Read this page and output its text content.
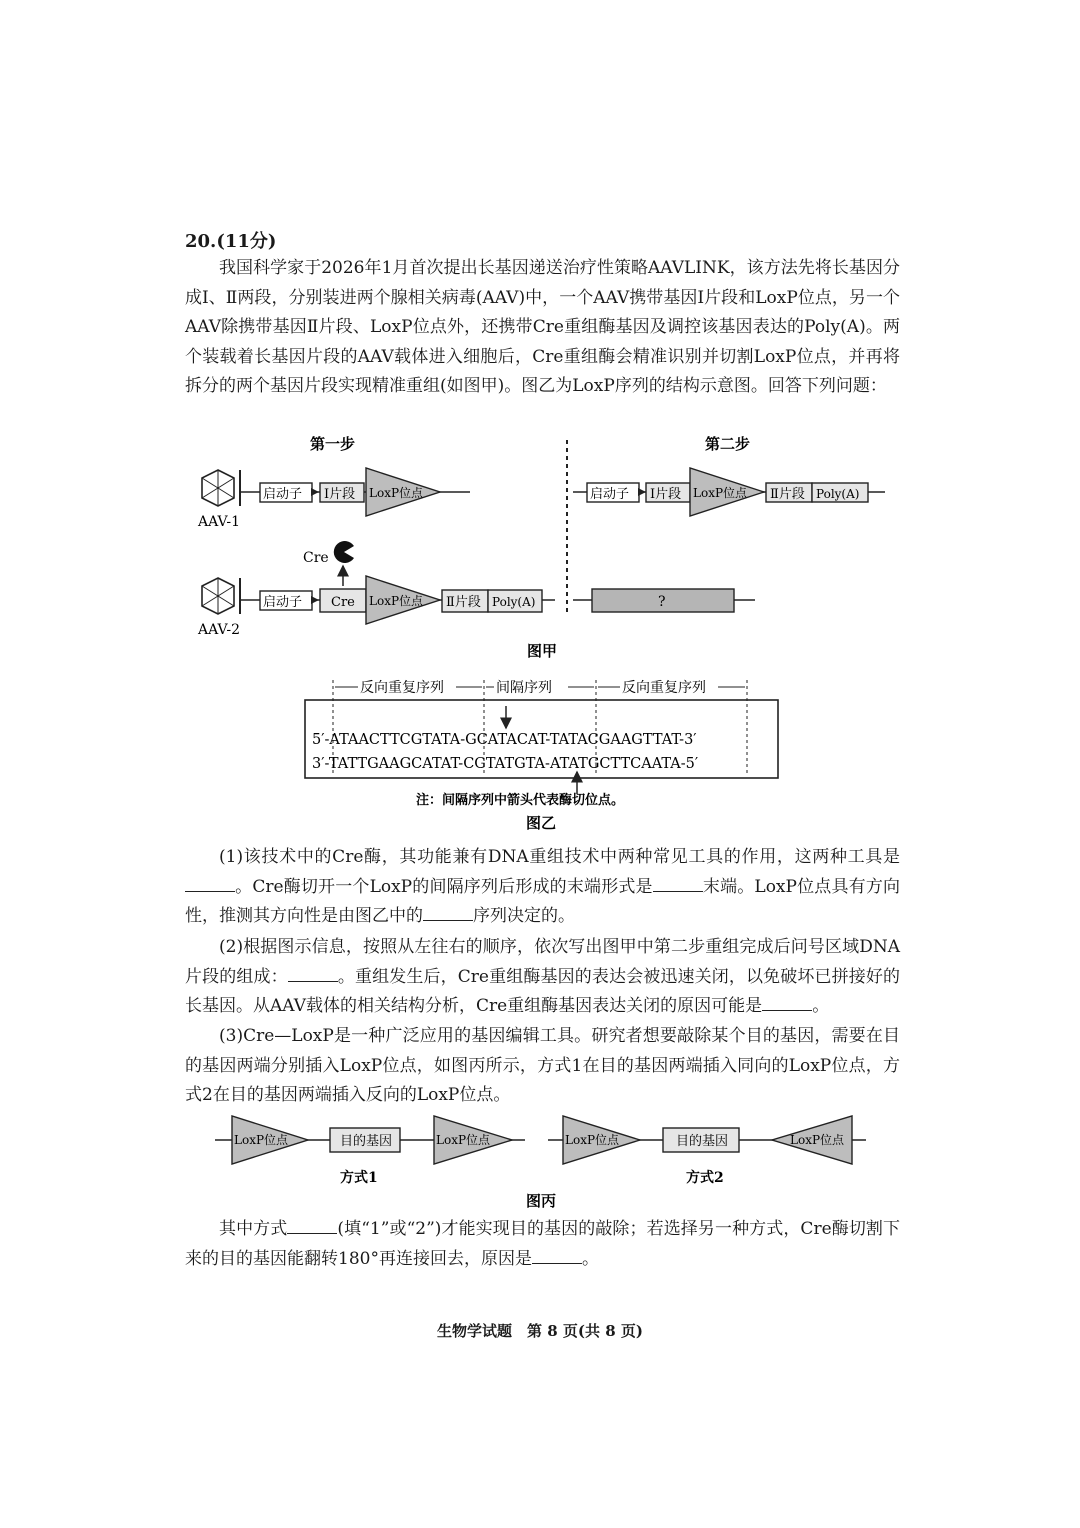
20.(11分)

我国科学家于2026年1月首次提出长基因递送治疗性策略AAVLINK，该方法先将长基因分成Ⅰ、Ⅱ两段，分别装进两个腺相关病毒(AAV)中，一个AAV携带基因Ⅰ片段和LoxP位点，另一个AAV除携带基因Ⅱ片段、LoxP位点外，还携带Cre重组酶基因及调控该基因表达的Poly(A)。两个装载着长基因片段的AAV载体进入细胞后，Cre重组酶会精准识别并切割LoxP位点，并再将拆分的两个基因片段实现精准重组(如图甲)。图乙为LoxP序列的结构示意图。回答下列问题：

第一步	第二步
AAV-1
启动子 Ⅰ片段 LoxP位点
Cre
AAV-2
启动子 Cre LoxP位点 Ⅱ片段 Poly(A)
启动子 Ⅰ片段 LoxP位点 Ⅱ片段 Poly(A)
?
图甲
反向重复序列	间隔序列	反向重复序列
5′-ATAACTTCGTATA-GCATACAT-TATACGAAGTTAT-3′
3′-TATTGAAGCATAT-CGTATGTA-ATATGCTTCAATA-5′
注：间隔序列中箭头代表酶切位点。
图乙

(1)该技术中的Cre酶，其功能兼有DNA重组技术中两种常见工具的作用，这两种工具是。Cre酶切开一个LoxP的间隔序列后形成的末端形式是	末端。LoxP位点具有方向性，推测其方向性是由图乙中的	序列决定的。

(2)根据图示信息，按照从左往右的顺序，依次写出图甲中第二步重组完成后问号区域DNA片段的组成：	。重组发生后，Cre重组酶基因的表达会被迅速关闭，以免破坏已拼接好的长基因。从AAV载体的相关结构分析，Cre重组酶基因表达关闭的原因可能是	。

(3)Cre—LoxP是一种广泛应用的基因编辑工具。研究者想要敲除某个目的基因，需要在目的基因两端分别插入LoxP位点，如图丙所示，方式1在目的基因两端插入同向的LoxP位点，方式2在目的基因两端插入反向的LoxP位点。

LoxP位点	目的基因	LoxP位点
方式1
LoxP位点	目的基因	LoxP位点
方式2
图丙

其中方式	(填“1”或“2”)才能实现目的基因的敲除；若选择另一种方式，Cre酶切割下来的目的基因能翻转180°再连接回去，原因是	。

生物学试题　第 8 页(共 8 页)
